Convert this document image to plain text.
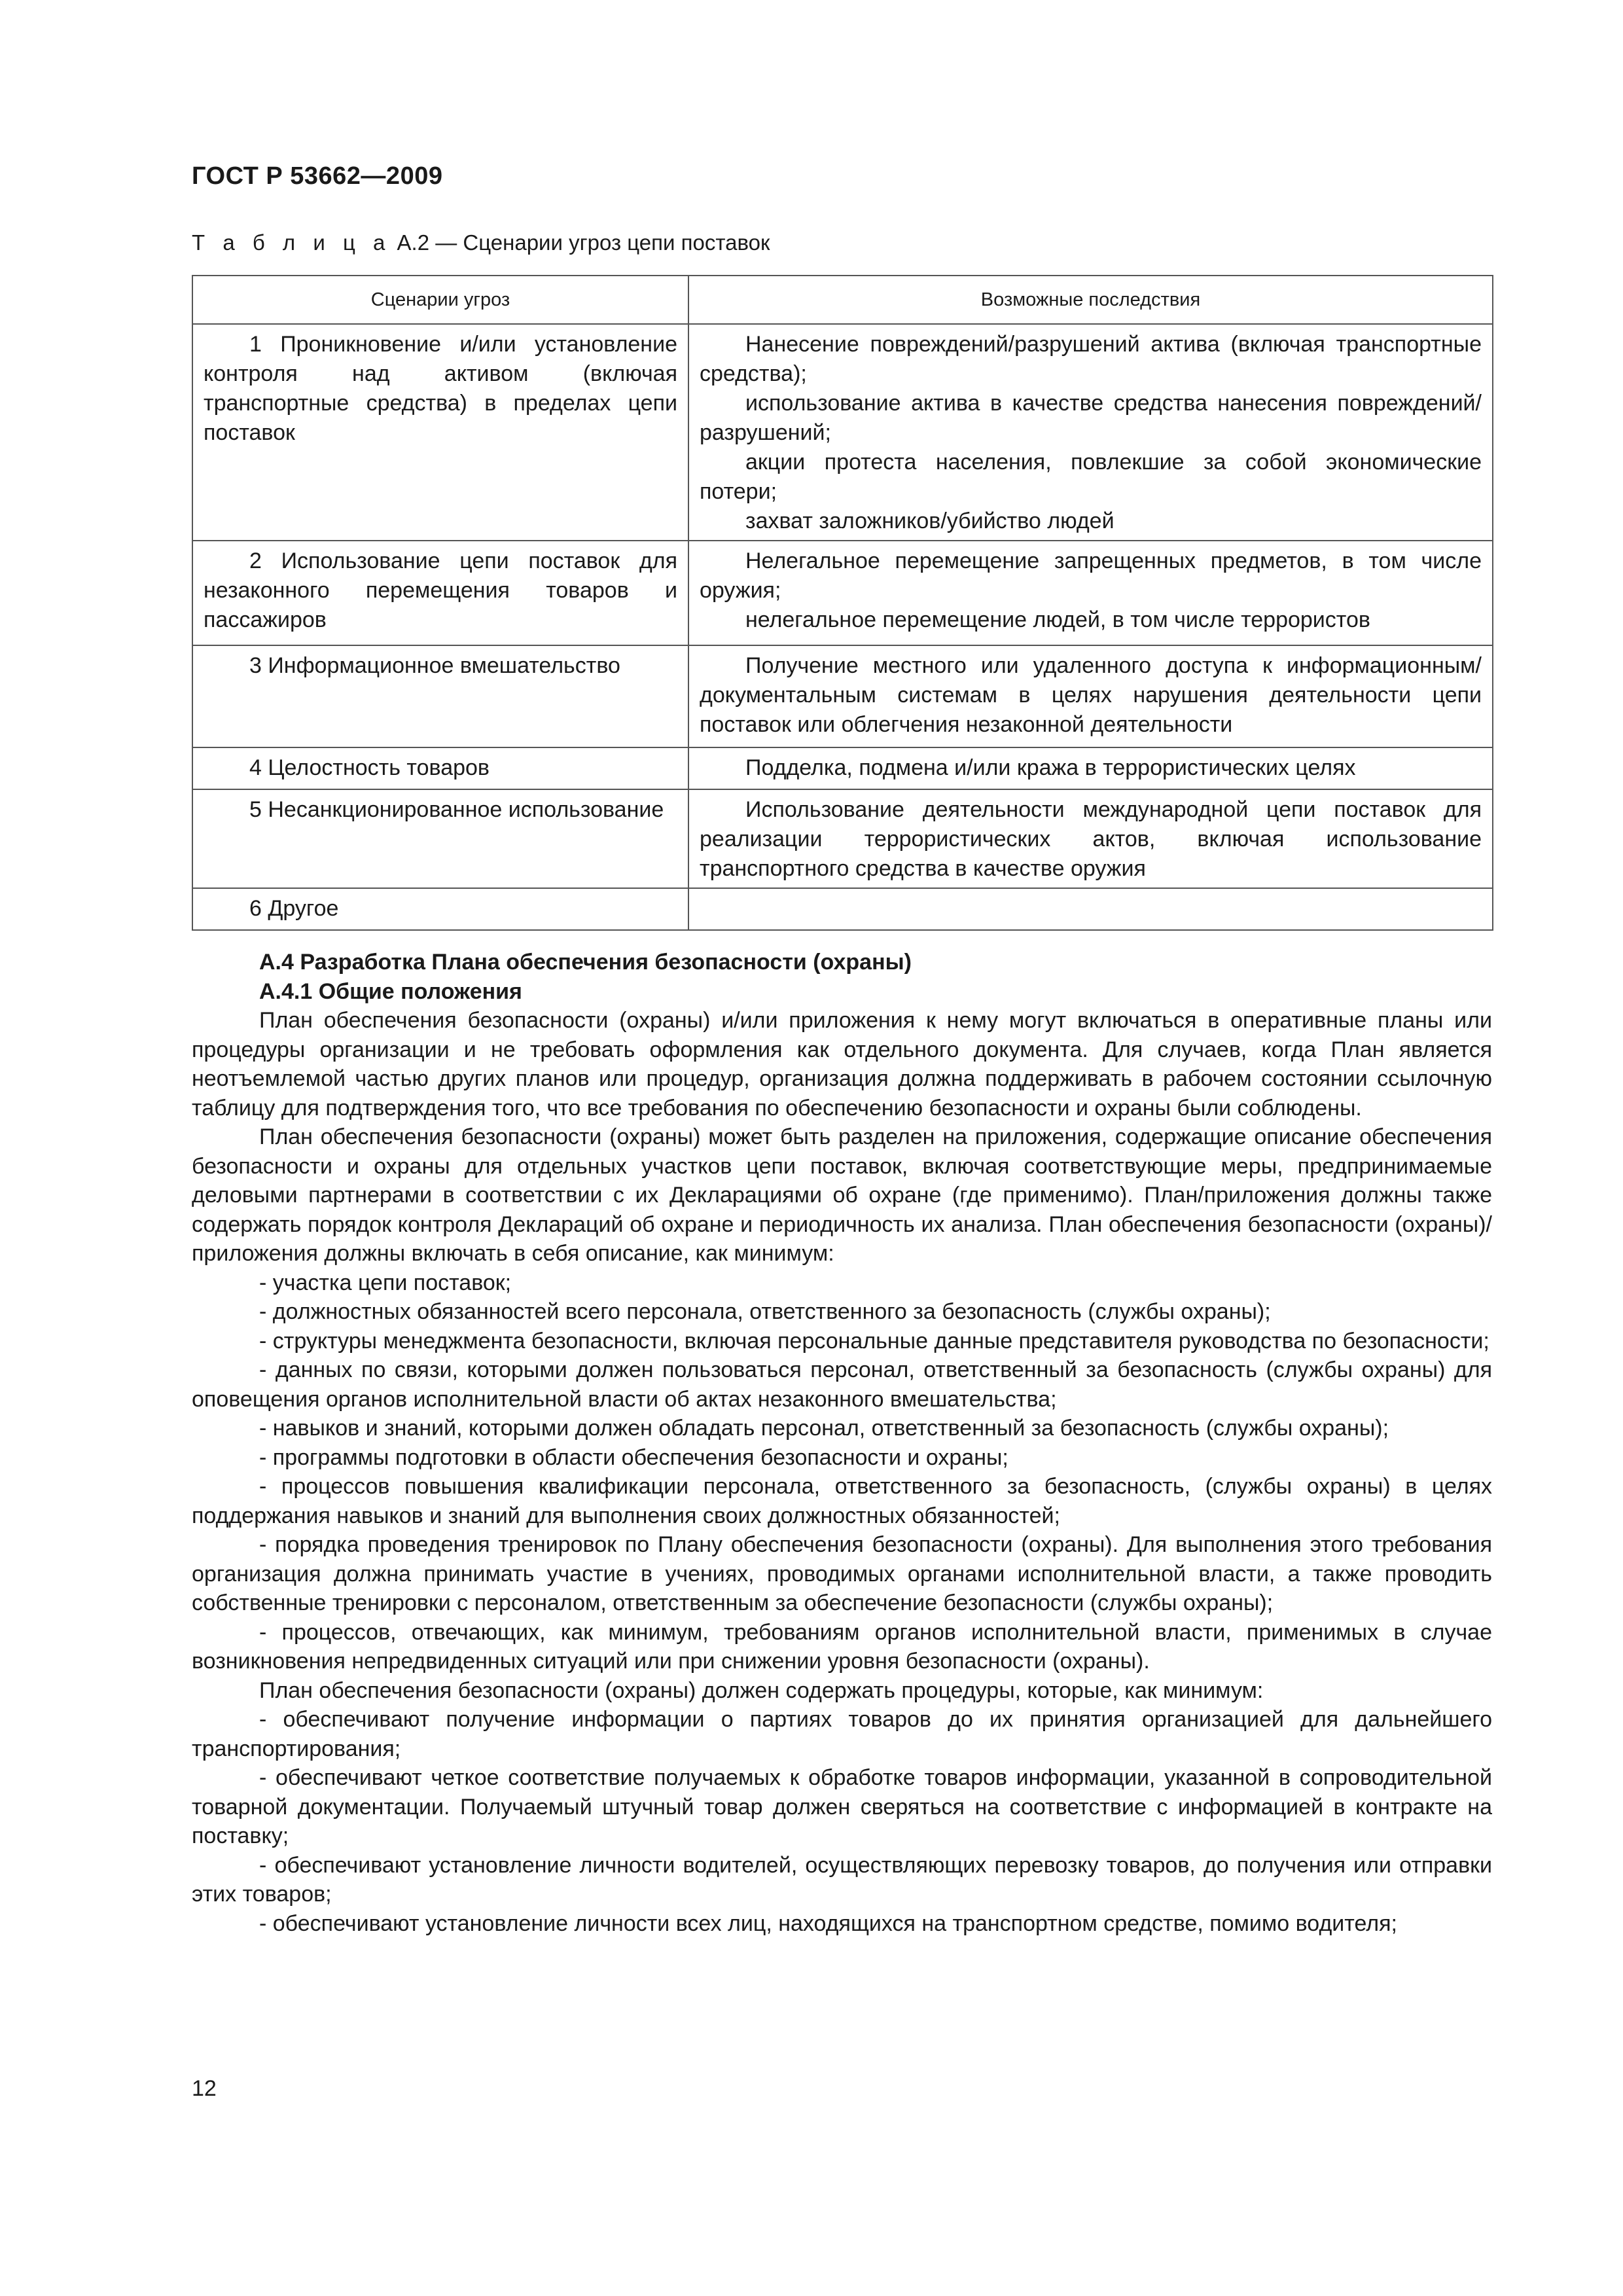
ГОСТ Р 53662—2009
Т а б л и ц а А.2 — Сценарии угроз цепи поставок
Сценарии угроз	Возможные последствия

1 Проникновение и/или установление контроля над активом (включая транспортные средства) в пределах цепи поставок	Нанесение повреждений/разрушений актива (включая транспортные средства);

использование актива в качестве средства нанесения повреждений/разрушений;

акции протеста населения, повлекшие за собой экономические потери;

захват заложников/убийство людей

2 Использование цепи поставок для незаконного перемещения товаров и пассажиров	Нелегальное перемещение запрещенных предметов, в том числе оружия;

нелегальное перемещение людей, в том числе террористов

3 Информационное вмешательство	Получение местного или удаленного доступа к информационным/документальным системам в целях нарушения деятельности цепи поставок или облегчения незаконной деятельности

4 Целостность товаров	Подделка, подмена и/или кража в террористических целях

5 Несанкционированное использование	Использование деятельности международной цепи поставок для реализации террористических актов, включая использование транспортного средства в качестве оружия

6 Другое	

А.4 Разработка Плана обеспечения безопасности (охраны)

А.4.1 Общие положения

План обеспечения безопасности (охраны) и/или приложения к нему могут включаться в оперативные планы или процедуры организации и не требовать оформления как отдельного документа. Для случаев, когда План является неотъемлемой частью других планов или процедур, организация должна поддерживать в рабочем состоянии ссылочную таблицу для подтверждения того, что все требования по обеспечению безопасности и охраны были соблюдены.

План обеспечения безопасности (охраны) может быть разделен на приложения, содержащие описание обеспечения безопасности и охраны для отдельных участков цепи поставок, включая соответствующие меры, предпринимаемые деловыми партнерами в соответствии с их Декларациями об охране (где применимо). План/приложения должны также содержать порядок контроля Деклараций об охране и периодичность их анализа. План обеспечения безопасности (охраны)/приложения должны включать в себя описание, как минимум:

- участка цепи поставок;

- должностных обязанностей всего персонала, ответственного за безопасность (службы охраны);

- структуры менеджмента безопасности, включая персональные данные представителя руководства по безопасности;

- данных по связи, которыми должен пользоваться персонал, ответственный за безопасность (службы охраны) для оповещения органов исполнительной власти об актах незаконного вмешательства;

- навыков и знаний, которыми должен обладать персонал, ответственный за безопасность (службы охраны);

- программы подготовки в области обеспечения безопасности и охраны;

- процессов повышения квалификации персонала, ответственного за безопасность, (службы охраны) в целях поддержания навыков и знаний для выполнения своих должностных обязанностей;

- порядка проведения тренировок по Плану обеспечения безопасности (охраны). Для выполнения этого требования организация должна принимать участие в учениях, проводимых органами исполнительной власти, а также проводить собственные тренировки с персоналом, ответственным за обеспечение безопасности (службы охраны);

- процессов, отвечающих, как минимум, требованиям органов исполнительной власти, применимых в случае возникновения непредвиденных ситуаций или при снижении уровня безопасности (охраны).

План обеспечения безопасности (охраны) должен содержать процедуры, которые, как минимум:

- обеспечивают получение информации о партиях товаров до их принятия организацией для дальнейшего транспортирования;

- обеспечивают четкое соответствие получаемых к обработке товаров информации, указанной в сопроводительной товарной документации. Получаемый штучный товар должен сверяться на соответствие с информацией в контракте на поставку;

- обеспечивают установление личности водителей, осуществляющих перевозку товаров, до получения или отправки этих товаров;

- обеспечивают установление личности всех лиц, находящихся на транспортном средстве, помимо водителя;

12
